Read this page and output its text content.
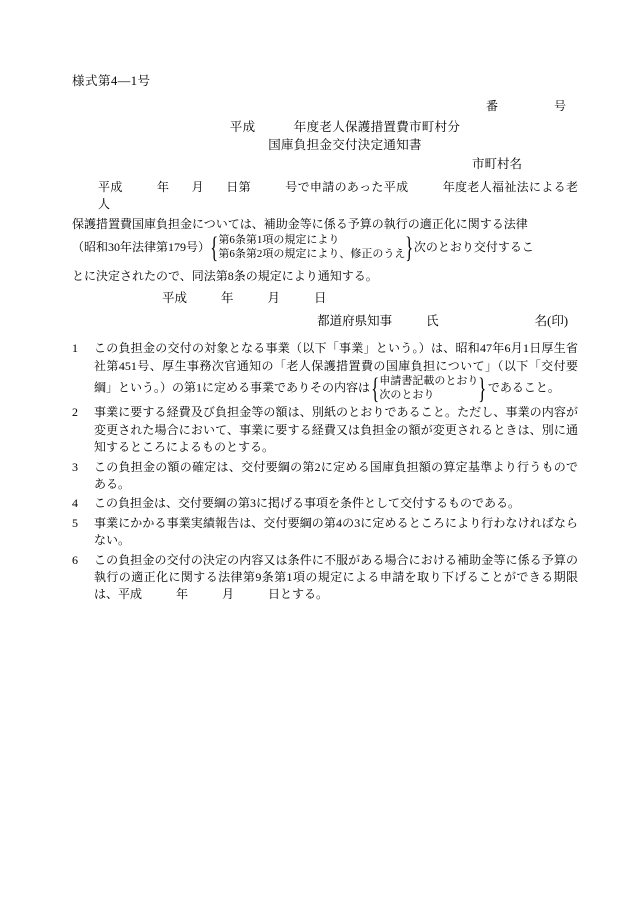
様式第4—1号
番	号
平成　　　年度老人保護措置費市町村分
国庫負担金交付決定通知書
市町村名
平成	年 月 日第	号で申請のあった平成	年度老人福祉法による老人
保護措置費国庫負担金については、補助金等に係る予算の執行の適正化に関する法律
（昭和30年法律第179号） { 第6条第1項の規定により
第6条第2項の規定により、修正のうえ } 次のとおり交付するこ
とに決定されたので、同法第8条の規定により通知する。
平成	年	月	日
都道府県知事	氏	名(印)
1	この負担金の交付の対象となる事業（以下「事業」という。）は、昭和47年6月1日厚生省社第451号、厚生事務次官通知の「老人保護措置費の国庫負担について」（以下「交付要綱」という。）の第1に定める事業でありその内容は { 申請書記載のとおり
次のとおり	} であること。
2	事業に要する経費及び負担金等の額は、別紙のとおりであること。ただし、事業の内容が変更された場合において、事業に要する経費又は負担金の額が変更されるときは、別に通知するところによるものとする。
3	この負担金の額の確定は、交付要綱の第2に定める国庫負担額の算定基準より行うものである。
4	この負担金は、交付要綱の第3に掲げる事項を条件として交付するものである。
5	事業にかかる事業実績報告は、交付要綱の第4の3に定めるところにより行わなければならない。
6	この負担金の交付の決定の内容又は条件に不服がある場合における補助金等に係る予算の執行の適正化に関する法律第9条第1項の規定による申請を取り下げることができる期限は、平成	年	月	日とする。
